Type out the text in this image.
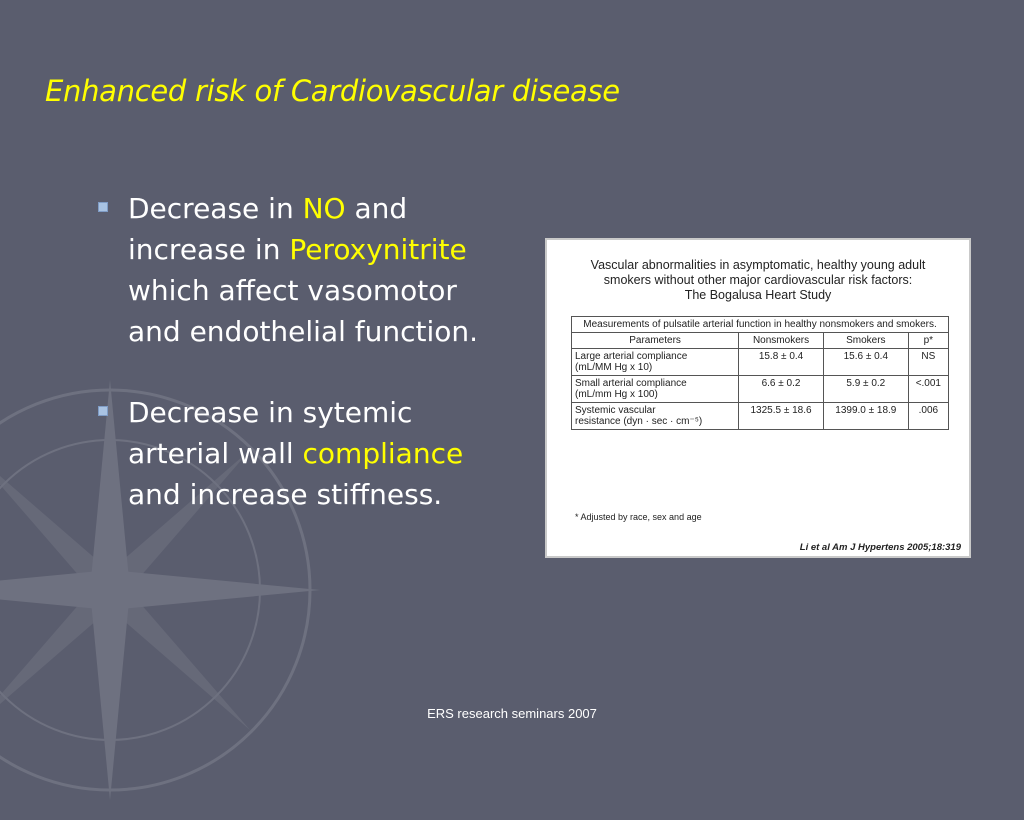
Enhanced risk of Cardiovascular disease
Decrease in NO and increase in Peroxynitrite which affect vasomotor and endothelial function.
Decrease in sytemic arterial wall compliance and increase stiffness.
Vascular abnormalities in asymptomatic, healthy young adult
smokers without other major cardiovascular risk factors:
The Bogalusa Heart Study
Measurements of pulsatile arterial function in healthy nonsmokers and smokers.			
Parameters	Nonsmokers	Smokers	p*

Large arterial compliance
(mL/MM Hg x 10)	15.8 ± 0.4	15.6 ± 0.4	NS

Small arterial compliance
(mL/mm Hg x 100)	6.6 ± 0.2	5.9 ± 0.2	<.001

Systemic vascular
resistance (dyn · sec · cm⁻⁵)	1325.5 ± 18.6	1399.0 ± 18.9	.006
* Adjusted by race, sex and age
Li et al Am J Hypertens 2005;18:319
ERS research seminars 2007
